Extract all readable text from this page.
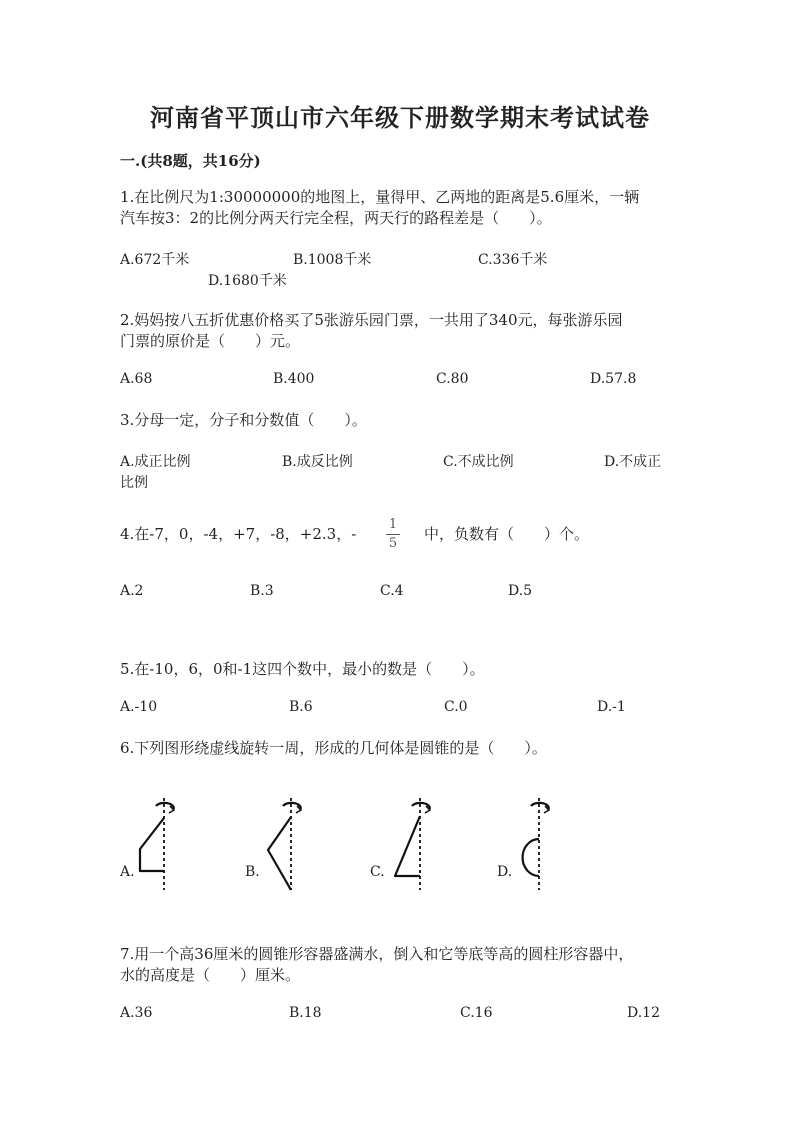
河南省平顶山市六年级下册数学期末考试试卷
一.(共8题，共16分)
1.在比例尺为1:30000000的地图上，量得甲、乙两地的距离是5.6厘米，一辆
汽车按3：2的比例分两天行完全程，两天行的路程差是（　　）。
A.672千米	B.1008千米	C.336千米
D.1680千米
2.妈妈按八五折优惠价格买了5张游乐园门票，一共用了340元，每张游乐园
门票的原价是（　　）元。
A.68	B.400	C.80	D.57.8
3.分母一定，分子和分数值（　　）。
A.成正比例	B.成反比例	C.不成比例	D.不成正
比例
4.在-7，0，-4，+7，-8，+2.3，-
1
5
中，负数有（　　）个。
A.2	B.3	C.4	D.5
5.在-10，6，0和-1这四个数中，最小的数是（　　）。
A.-10	B.6	C.0	D.-1
6.下列图形绕虚线旋转一周，形成的几何体是圆锥的是（　　）。
A.	B.	C.	D.
7.用一个高36厘米的圆锥形容器盛满水，倒入和它等底等高的圆柱形容器中，
水的高度是（　　）厘米。
A.36	B.18	C.16	D.12
